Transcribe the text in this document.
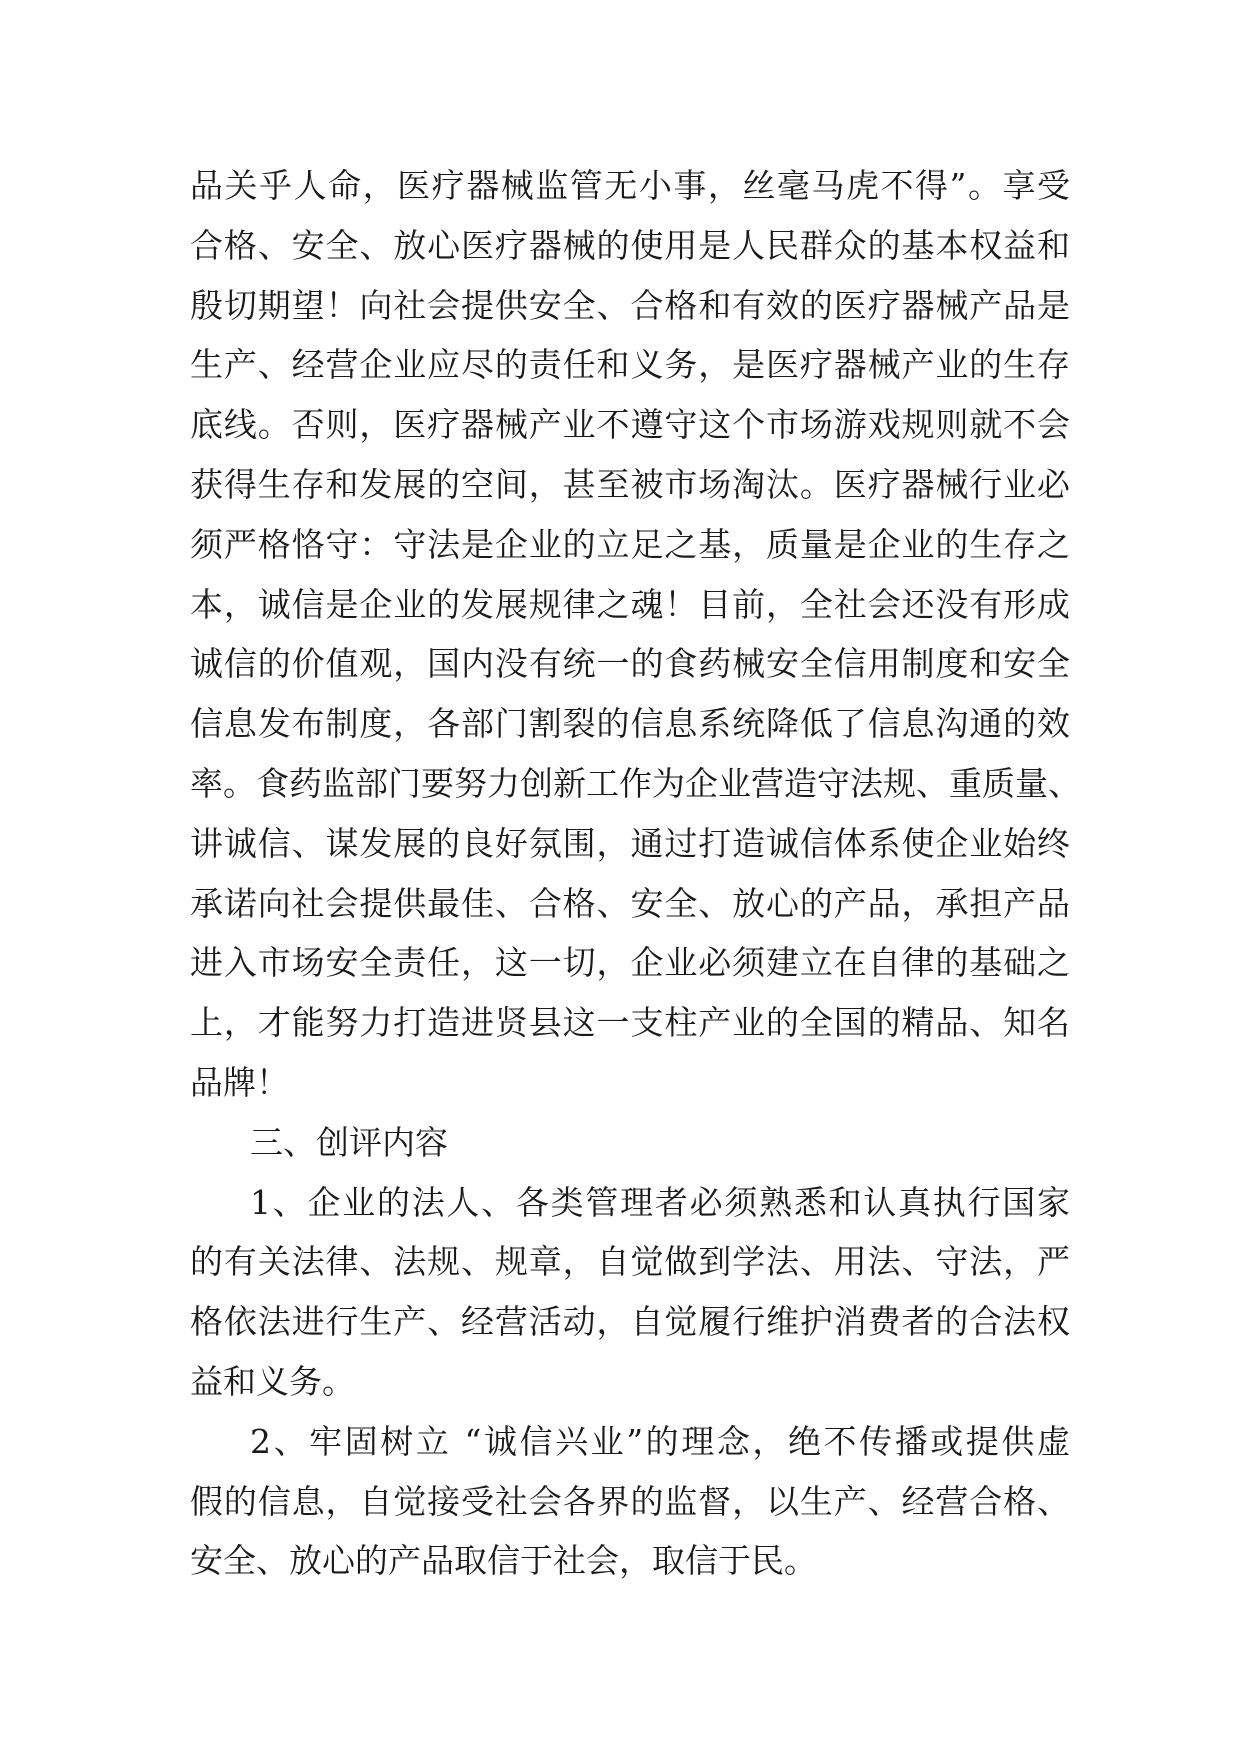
品关乎人命，医疗器械监管无小事，丝毫马虎不得”。享受
合格、安全、放心医疗器械的使用是人民群众的基本权益和
殷切期望！向社会提供安全、合格和有效的医疗器械产品是
生产、经营企业应尽的责任和义务，是医疗器械产业的生存
底线。否则，医疗器械产业不遵守这个市场游戏规则就不会
获得生存和发展的空间，甚至被市场淘汰。医疗器械行业必
须严格恪守：守法是企业的立足之基，质量是企业的生存之
本，诚信是企业的发展规律之魂！目前，全社会还没有形成
诚信的价值观，国内没有统一的食药械安全信用制度和安全
信息发布制度，各部门割裂的信息系统降低了信息沟通的效
率。食药监部门要努力创新工作为企业营造守法规、重质量、
讲诚信、谋发展的良好氛围，通过打造诚信体系使企业始终
承诺向社会提供最佳、合格、安全、放心的产品，承担产品
进入市场安全责任，这一切，企业必须建立在自律的基础之
上，才能努力打造进贤县这一支柱产业的全国的精品、知名
品牌！
三、创评内容
1、企业的法人、各类管理者必须熟悉和认真执行国家
的有关法律、法规、规章，自觉做到学法、用法、守法，严
格依法进行生产、经营活动，自觉履行维护消费者的合法权
益和义务。
2、牢固树立 “诚信兴业”的理念，绝不传播或提供虚
假的信息，自觉接受社会各界的监督，以生产、经营合格、
安全、放心的产品取信于社会，取信于民。
